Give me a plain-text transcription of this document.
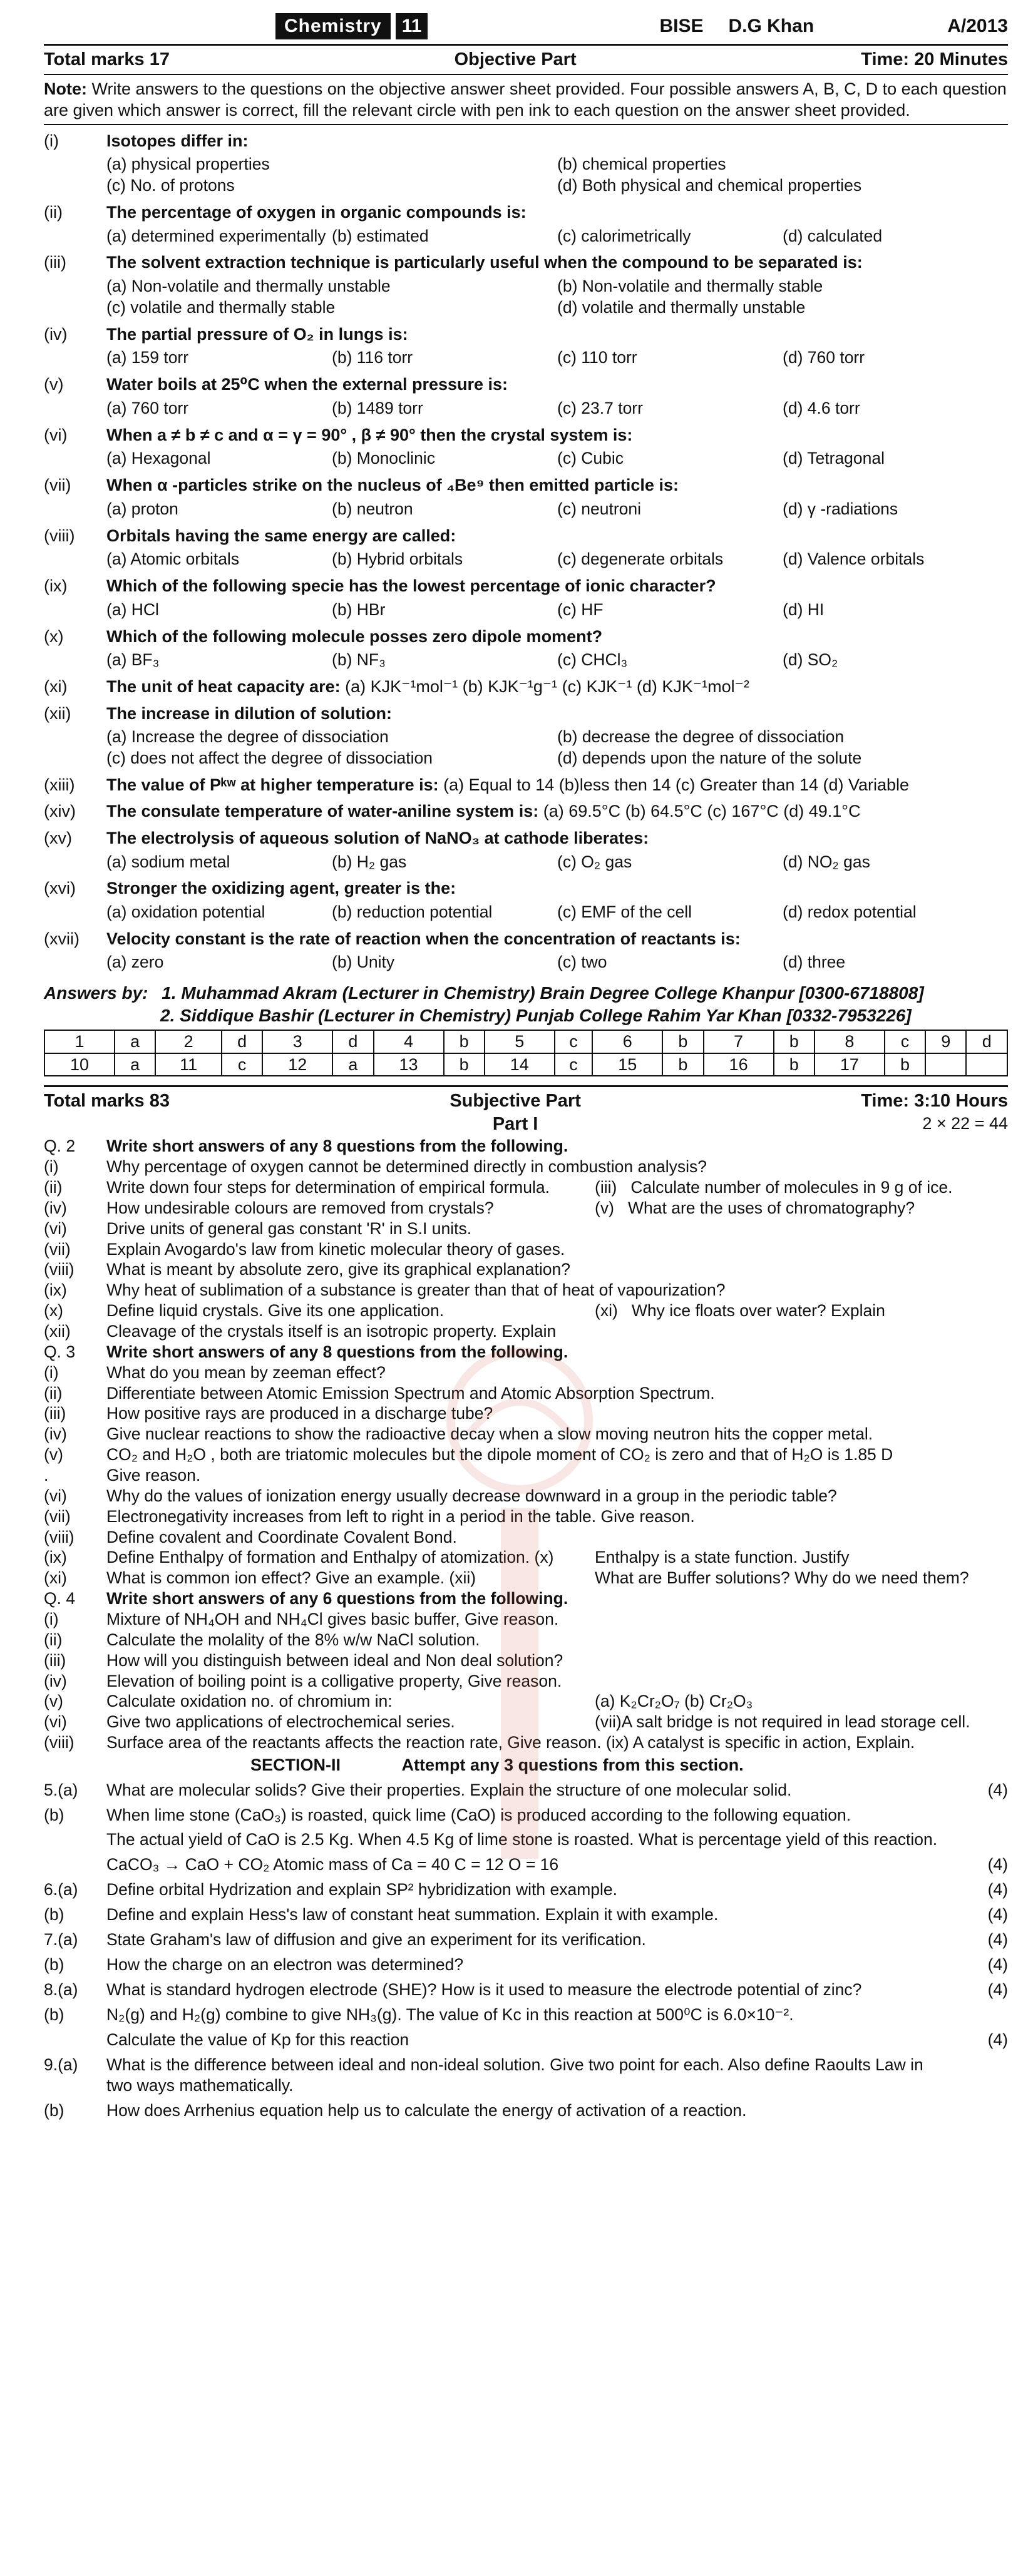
Chemistry	11	BISE D.G Khan	A/2013
Total marks 17	Objective Part	Time: 20 Minutes
Note: Write answers to the questions on the objective answer sheet provided. Four possible answers A, B, C, D to each question are given which answer is correct, fill the relevant circle with pen ink to each question on the answer sheet provided.
(i)	Isotopes differ in:
(a) physical properties	(b) chemical properties
(c) No. of protons	(d) Both physical and chemical properties
(ii)	The percentage of oxygen in organic compounds is:
(a) determined experimentally (b) estimated	(c) calorimetrically	(d) calculated
(iii)	The solvent extraction technique is particularly useful when the compound to be separated is:
(a) Non-volatile and thermally unstable	(b) Non-volatile and thermally stable
(c) volatile and thermally stable	(d) volatile and thermally unstable
(iv)	The partial pressure of O₂ in lungs is:
(a) 159 torr	(b) 116 torr	(c) 110 torr	(d) 760 torr
(v)	Water boils at 25⁰C when the external pressure is:
(a) 760 torr	(b) 1489 torr	(c) 23.7 torr	(d) 4.6 torr
(vi)	When a ≠ b ≠ c and α = γ = 90° , β ≠ 90° then the crystal system is:
(a) Hexagonal	(b) Monoclinic	(c) Cubic	(d) Tetragonal
(vii)	When α -particles strike on the nucleus of ₄Be⁹ then emitted particle is:
(a) proton	(b) neutron	(c) neutroni	(d) γ -radiations
(viii)	Orbitals having the same energy are called:
(a) Atomic orbitals	(b) Hybrid orbitals	(c) degenerate orbitals	(d) Valence orbitals
(ix)	Which of the following specie has the lowest percentage of ionic character?
(a) HCl	(b) HBr	(c) HF	(d) HI
(x)	Which of the following molecule posses zero dipole moment?
(a) BF₃	(b) NF₃	(c) CHCl₃	(d) SO₂
(xi)	The unit of heat capacity are: (a) KJK⁻¹mol⁻¹ (b) KJK⁻¹g⁻¹ (c) KJK⁻¹ (d) KJK⁻¹mol⁻²
(xii)	The increase in dilution of solution:
(a) Increase the degree of dissociation	(b) decrease the degree of dissociation
(c) does not affect the degree of dissociation	(d) depends upon the nature of the solute
(xiii)	The value of Pᵏʷ at higher temperature is: (a) Equal to 14 (b)less then 14 (c) Greater than 14 (d) Variable
(xiv)	The consulate temperature of water-aniline system is: (a) 69.5°C (b) 64.5°C (c) 167°C (d) 49.1°C
(xv)	The electrolysis of aqueous solution of NaNO₃ at cathode liberates:
(a) sodium metal	(b) H₂ gas	(c) O₂ gas	(d) NO₂ gas
(xvi)	Stronger the oxidizing agent, greater is the:
(a) oxidation potential	(b) reduction potential	(c) EMF of the cell	(d) redox potential
(xvii)	Velocity constant is the rate of reaction when the concentration of reactants is:
(a) zero	(b) Unity	(c) two	(d) three
Answers by: 1. Muhammad Akram (Lecturer in Chemistry) Brain Degree College Khanpur [0300-6718808]
2. Siddique Bashir (Lecturer in Chemistry) Punjab College Rahim Yar Khan [0332-7953226]
1	a	2	d	3	d	4	b	5	c	6	b	7	b	8	c	9	d
10	a	11	c	12	a	13	b	14	c	15	b	16	b	17	b		
Total marks 83	Subjective Part
Part I
Time: 3:10 Hours
2 × 22 = 44
Q. 2	Write short answers of any 8 questions from the following.
(i)	Why percentage of oxygen cannot be determined directly in combustion analysis?
(ii)	Write down four steps for determination of empirical formula.	(iii) Calculate number of molecules in 9 g of ice.
(iv)	How undesirable colours are removed from crystals?	(v) What are the uses of chromatography?
(vi)	Drive units of general gas constant 'R' in S.I units.
(vii)	Explain Avogardo's law from kinetic molecular theory of gases.
(viii)	What is meant by absolute zero, give its graphical explanation?
(ix)	Why heat of sublimation of a substance is greater than that of heat of vapourization?
(x)	Define liquid crystals. Give its one application.	(xi) Why ice floats over water? Explain
(xii)	Cleavage of the crystals itself is an isotropic property. Explain
Q. 3	Write short answers of any 8 questions from the following.
(i)	What do you mean by zeeman effect?
(ii)	Differentiate between Atomic Emission Spectrum and Atomic Absorption Spectrum.
(iii)	How positive rays are produced in a discharge tube?
(iv)	Give nuclear reactions to show the radioactive decay when a slow moving neutron hits the copper metal.
(v)	CO₂ and H₂O , both are triatomic molecules but the dipole moment of CO₂ is zero and that of H₂O is 1.85 D
.	Give reason.
(vi)	Why do the values of ionization energy usually decrease downward in a group in the periodic table?
(vii)	Electronegativity increases from left to right in a period in the table. Give reason.
(viii)	Define covalent and Coordinate Covalent Bond.
(ix)	Define Enthalpy of formation and Enthalpy of atomization. (x)	Enthalpy is a state function. Justify
(xi)	What is common ion effect? Give an example. (xii)	What are Buffer solutions? Why do we need them?
Q. 4	Write short answers of any 6 questions from the following.
(i)	Mixture of NH₄OH and NH₄Cl gives basic buffer, Give reason.
(ii)	Calculate the molality of the 8% w/w NaCl solution.
(iii)	How will you distinguish between ideal and Non deal solution?
(iv)	Elevation of boiling point is a colligative property, Give reason.
(v)	Calculate oxidation no. of chromium in:	(a) K₂Cr₂O₇ (b) Cr₂O₃
(vi)	Give two applications of electrochemical series.	(vii)A salt bridge is not required in lead storage cell.
(viii)	Surface area of the reactants affects the reaction rate, Give reason. (ix) A catalyst is specific in action, Explain.
SECTION-II	Attempt any 3 questions from this section.
5.(a)	What are molecular solids? Give their properties. Explain the structure of one molecular solid.	(4)
(b)	When lime stone (CaO₃) is roasted, quick lime (CaO) is produced according to the following equation.
The actual yield of CaO is 2.5 Kg. When 4.5 Kg of lime stone is roasted. What is percentage yield of this reaction.
CaCO₃ → CaO + CO₂ Atomic mass of Ca = 40 C = 12 O = 16	(4)
6.(a)	Define orbital Hydrization and explain SP² hybridization with example.	(4)
(b)	Define and explain Hess's law of constant heat summation. Explain it with example.	(4)
7.(a)	State Graham's law of diffusion and give an experiment for its verification.	(4)
(b)	How the charge on an electron was determined?	(4)
8.(a)	What is standard hydrogen electrode (SHE)? How is it used to measure the electrode potential of zinc?	(4)
(b)	N₂(g) and H₂(g) combine to give NH₃(g). The value of Kc in this reaction at 500⁰C is 6.0×10⁻².
Calculate the value of Kp for this reaction	(4)
9.(a)	What is the difference between ideal and non-ideal solution. Give two point for each. Also define Raoults Law in two ways mathematically.
(b)	How does Arrhenius equation help us to calculate the energy of activation of a reaction.
